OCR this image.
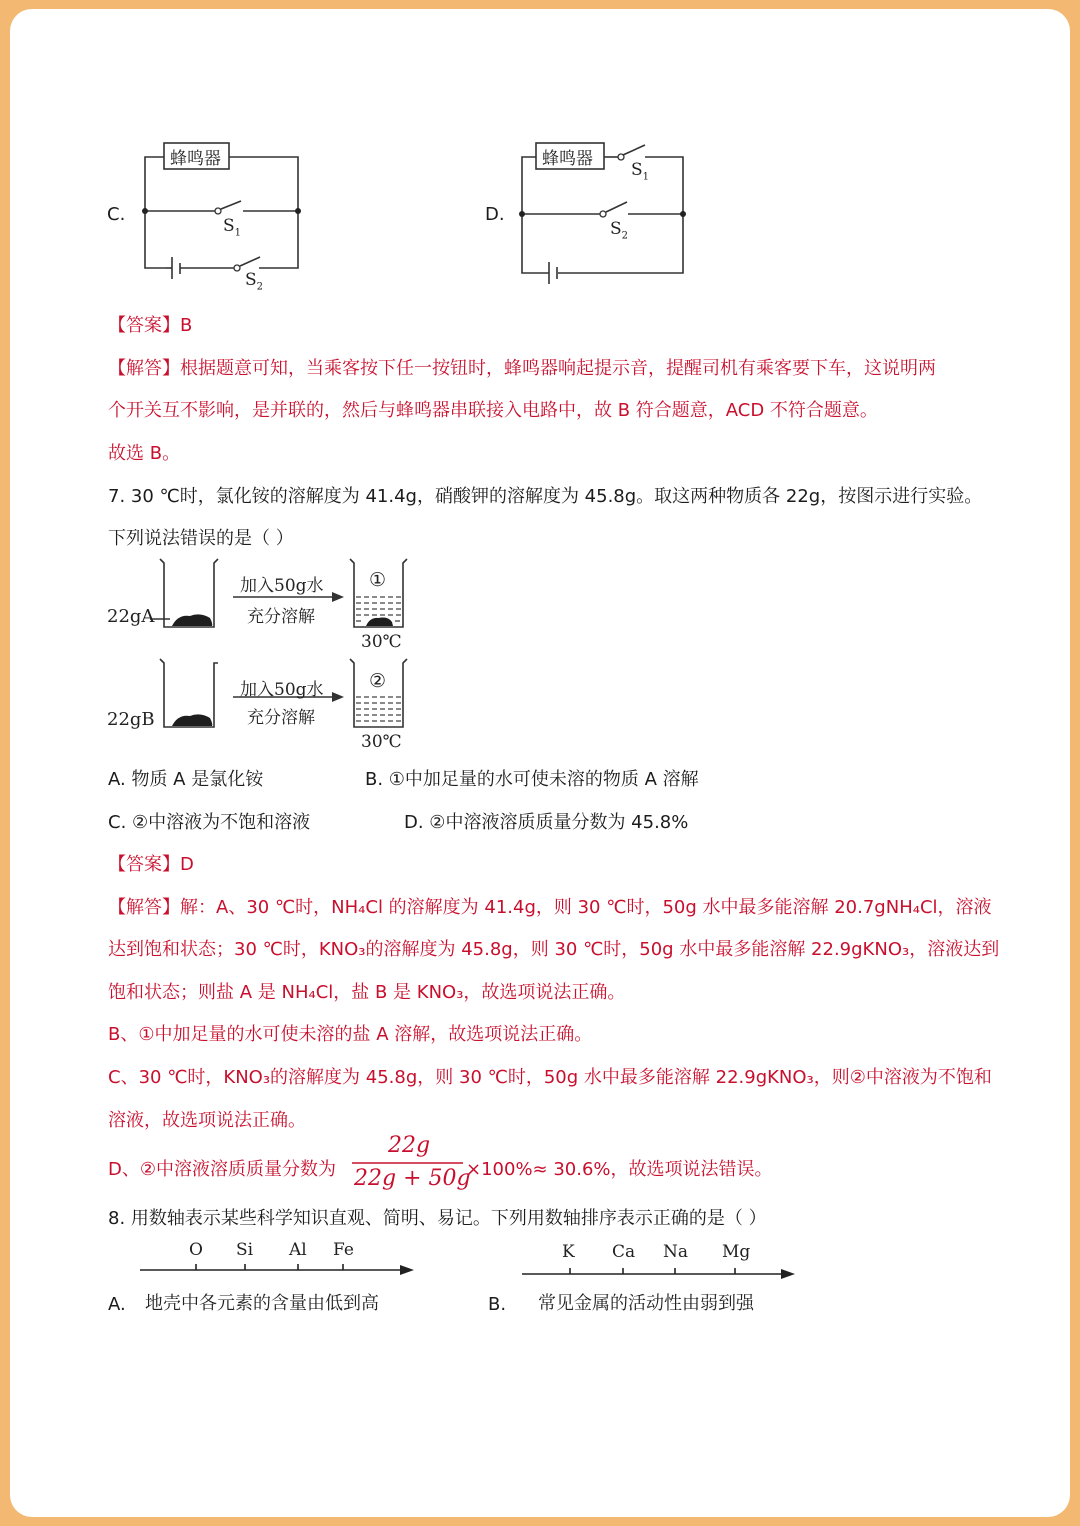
C.
蜂鸣器
$S_1$
$S_2$
D.
蜂鸣器
$S_1$
$S_2$
【答案】B
【解答】根据题意可知，当乘客按下任一按钮时，蜂鸣器响起提示音，提醒司机有乘客要下车，这说明两
个开关互不影响，是并联的，然后与蜂鸣器串联接入电路中，故 B 符合题意，ACD 不符合题意。
故选 B。
7. 30 ℃时，氯化铵的溶解度为 41.4g，硝酸钾的溶解度为 45.8g。取这两种物质各 22g，按图示进行实验。
下列说法错误的是（ ）
22gA
22gB
加入50g水
充分溶解
加入50g水
充分溶解
①
②
30℃
30℃
A. 物质 A 是氯化铵	B. ①中加足量的水可使未溶的物质 A 溶解
C. ②中溶液为不饱和溶液	D. ②中溶液溶质质量分数为 45.8%
【答案】D
【解答】解：A、30 ℃时，NH₄Cl 的溶解度为 41.4g，则 30 ℃时，50g 水中最多能溶解 20.7gNH₄Cl，溶液
达到饱和状态；30 ℃时，KNO₃的溶解度为 45.8g，则 30 ℃时，50g 水中最多能溶解 22.9gKNO₃，溶液达到
饱和状态；则盐 A 是 NH₄Cl，盐 B 是 KNO₃，故选项说法正确。
B、①中加足量的水可使未溶的盐 A 溶解，故选项说法正确。
C、30 ℃时，KNO₃的溶解度为 45.8g，则 30 ℃时，50g 水中最多能溶解 22.9gKNO₃，则②中溶液为不饱和
溶液，故选项说法正确。
D、②中溶液溶质质量分数为
22g
22g + 50g
×100%≈ 30.6%，故选项说法错误。
8. 用数轴表示某些科学知识直观、简明、易记。下列用数轴排序表示正确的是（ ）
O Si Al Fe
A. 地壳中各元素的含量由低到高
K Ca Na Mg
B. 常见金属的活动性由弱到强
